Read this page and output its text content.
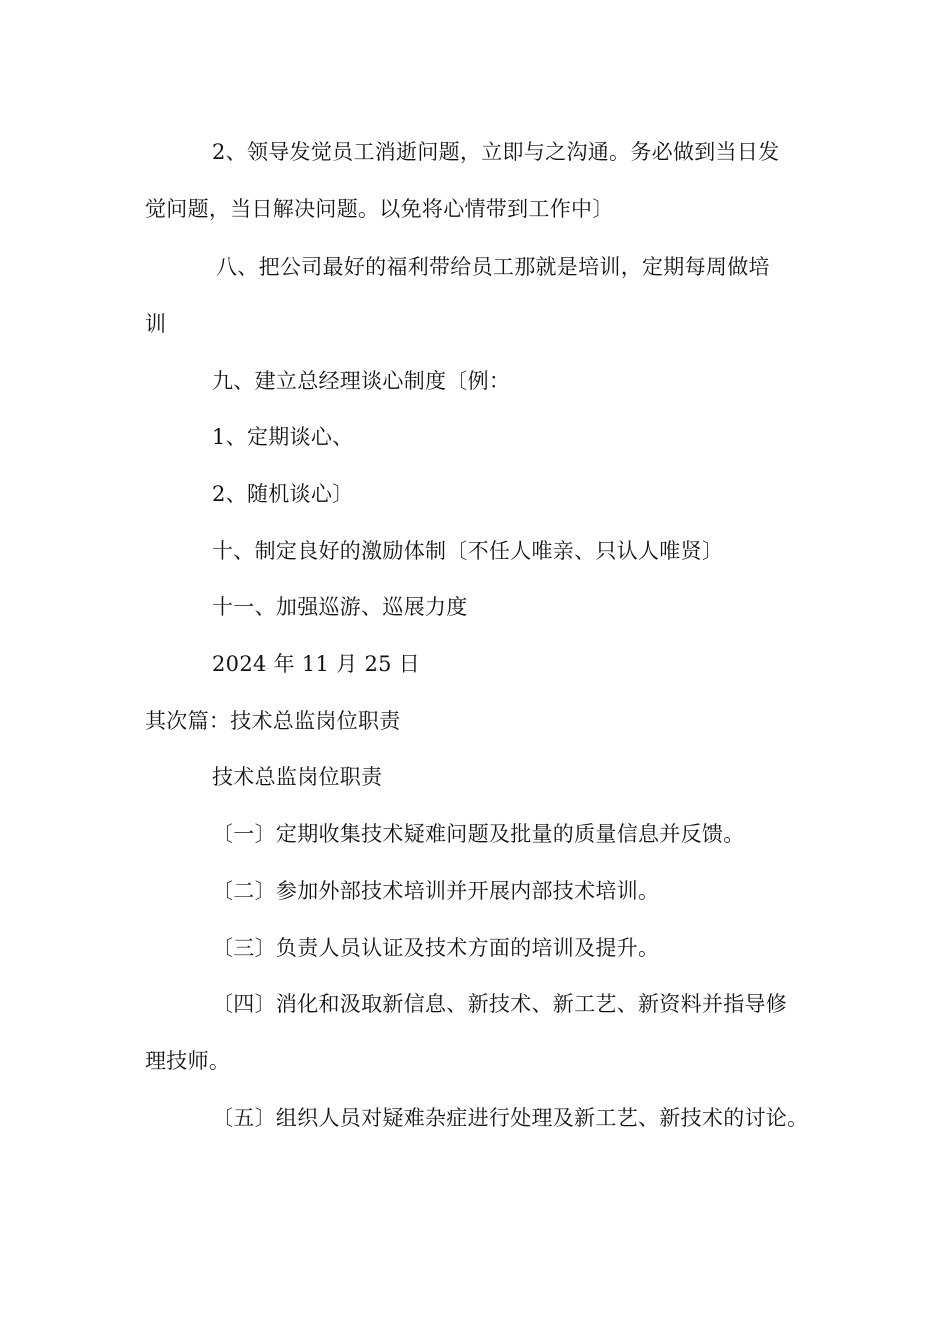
2、领导发觉员工消逝问题，立即与之沟通。务必做到当日发
觉问题，当日解决问题。以免将心情带到工作中〕
八、把公司最好的福利带给员工那就是培训，定期每周做培
训
九、建立总经理谈心制度〔例：
1、定期谈心、
2、随机谈心〕
十、制定良好的激励体制〔不任人唯亲、只认人唯贤〕
十一、加强巡游、巡展力度
2024 年 11 月 25 日
其次篇：技术总监岗位职责
技术总监岗位职责
〔一〕定期收集技术疑难问题及批量的质量信息并反馈。
〔二〕参加外部技术培训并开展内部技术培训。
〔三〕负责人员认证及技术方面的培训及提升。
〔四〕消化和汲取新信息、新技术、新工艺、新资料并指导修
理技师。
〔五〕组织人员对疑难杂症进行处理及新工艺、新技术的讨论。
